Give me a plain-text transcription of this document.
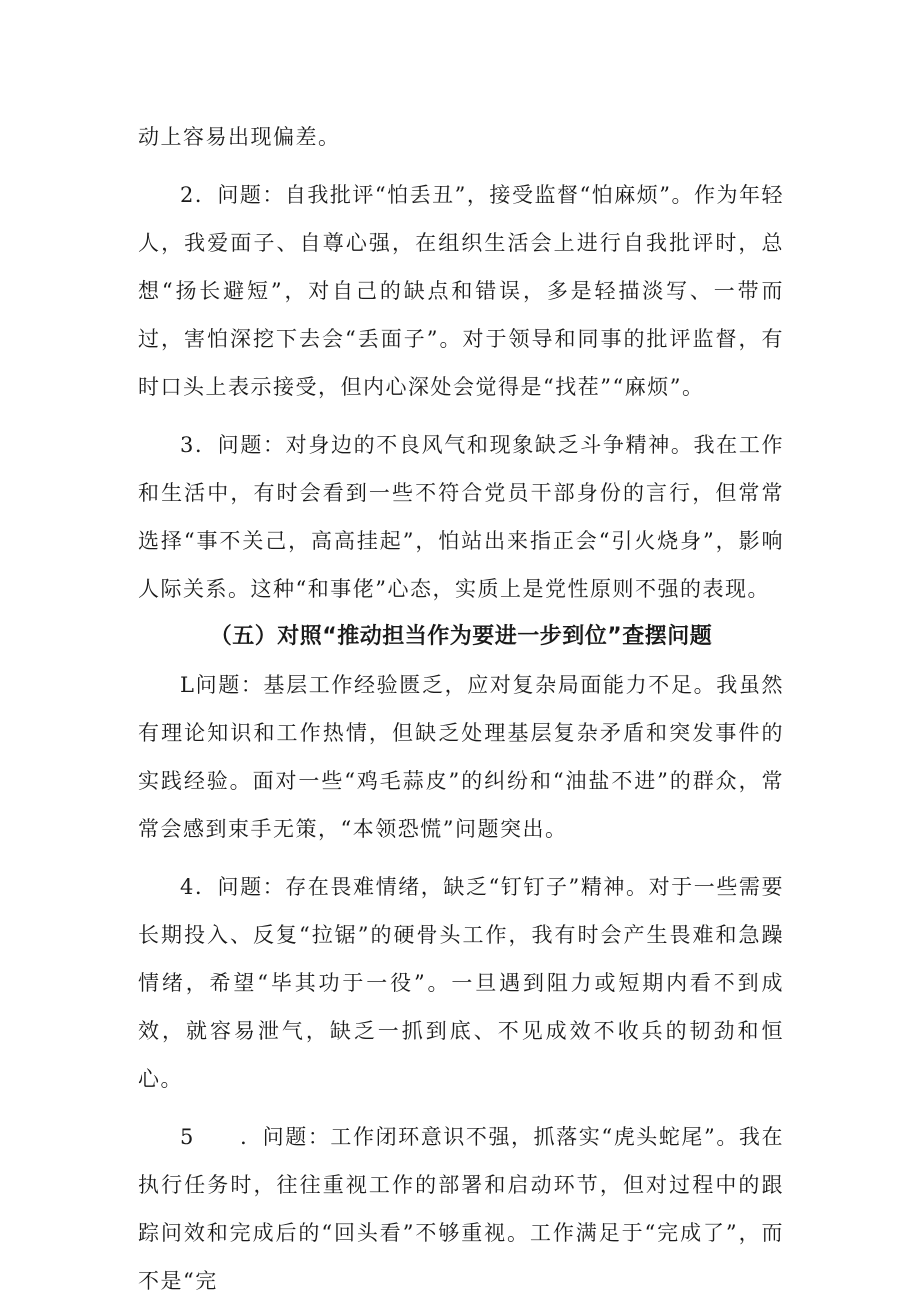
动上容易出现偏差。

2．问题：自我批评“怕丢丑”，接受监督“怕麻烦”。作为年轻人，我爱面子、自尊心强，在组织生活会上进行自我批评时，总想“扬长避短”，对自己的缺点和错误，多是轻描淡写、一带而过，害怕深挖下去会“丢面子”。对于领导和同事的批评监督，有时口头上表示接受，但内心深处会觉得是“找茬”“麻烦”。

3．问题：对身边的不良风气和现象缺乏斗争精神。我在工作和生活中，有时会看到一些不符合党员干部身份的言行，但常常选择“事不关己，高高挂起”，怕站出来指正会“引火烧身”，影响人际关系。这种“和事佬”心态，实质上是党性原则不强的表现。

（五）对照“推动担当作为要进一步到位”查摆问题

L问题：基层工作经验匮乏，应对复杂局面能力不足。我虽然有理论知识和工作热情，但缺乏处理基层复杂矛盾和突发事件的实践经验。面对一些“鸡毛蒜皮”的纠纷和“油盐不进”的群众，常常会感到束手无策，“本领恐慌”问题突出。

4．问题：存在畏难情绪，缺乏“钉钉子”精神。对于一些需要长期投入、反复“拉锯”的硬骨头工作，我有时会产生畏难和急躁情绪，希望“毕其功于一役”。一旦遇到阻力或短期内看不到成效，就容易泄气，缺乏一抓到底、不见成效不收兵的韧劲和恒心。

5　　．问题：工作闭环意识不强，抓落实“虎头蛇尾”。我在执行任务时，往往重视工作的部署和启动环节，但对过程中的跟踪问效和完成后的“回头看”不够重视。工作满足于“完成了”，而不是“完
